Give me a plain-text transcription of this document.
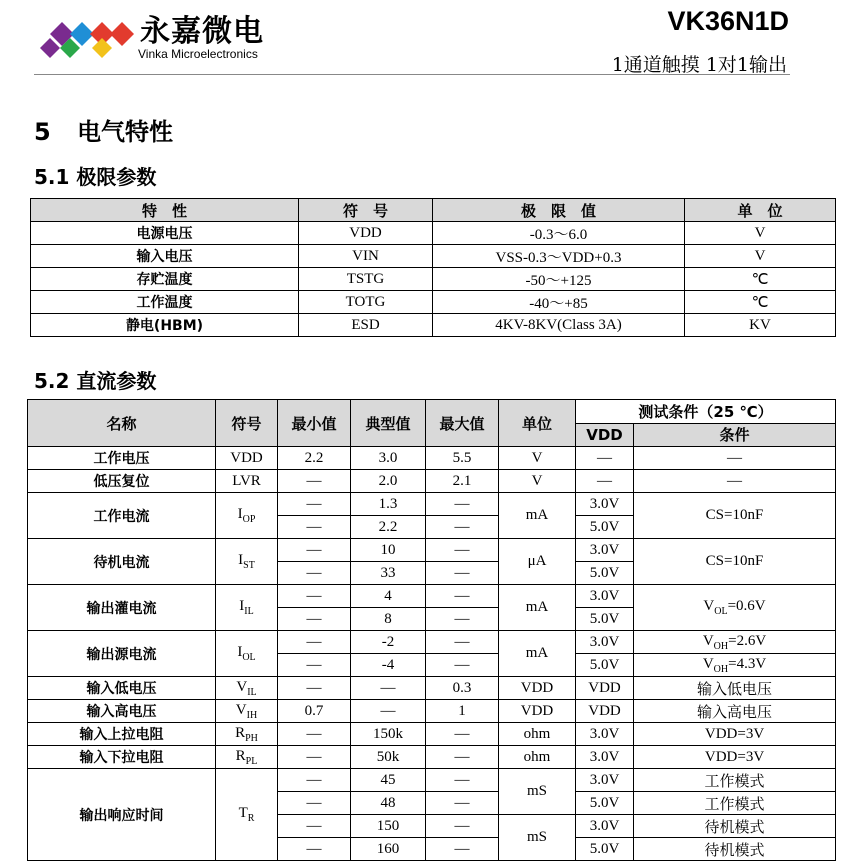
永嘉微电
Vinka Microelectronics
VK36N1D
1通道触摸 1对1输出
5 电气特性
5.1 极限参数
特　性	符　号	极　限　值	单　位
电源电压	VDD	-0.3～6.0	V
输入电压	VIN	VSS-0.3～VDD+0.3	V
存贮温度	TSTG	-50～+125	℃
工作温度	TOTG	-40～+85	℃
静电(HBM)	ESD	4KV-8KV(Class 3A)	KV
5.2 直流参数
名称	符号	最小值	典型值	最大值	单位	测试条件（25 ℃）	
						VDD	条件
工作电压	VDD	2.2	3.0	5.5	V	—	—
低压复位	LVR	—	2.0	2.1	V	—	—
工作电流	$I_{OP}$	—	1.3	—	mA	3.0V	CS=10nF
		—	2.2	—		5.0V	
待机电流	$I_{ST}$	—	10	—	μA	3.0V	CS=10nF
		—	33	—		5.0V	
输出灌电流	$I_{IL}$	—	4	—	mA	3.0V	$V_{OL}=0.6V$
		—	8	—		5.0V	
输出源电流	$I_{OL}$	—	-2	—	mA	3.0V	$V_{OH}=2.6V$
		—	-4	—		5.0V	$V_{OH}=4.3V$
输入低电压	$V_{IL}$	—	—	0.3	VDD	VDD	输入低电压
输入高电压	$V_{IH}$	0.7	—	1	VDD	VDD	输入高电压
输入上拉电阻	$R_{PH}$	—	150k	—	ohm	3.0V	VDD=3V
输入下拉电阻	$R_{PL}$	—	50k	—	ohm	3.0V	VDD=3V
输出响应时间	$T_R$	—	45	—	mS	3.0V	工作模式
		—	48	—		5.0V	工作模式
		—	150	—	mS	3.0V	待机模式
		—	160	—		5.0V	待机模式
